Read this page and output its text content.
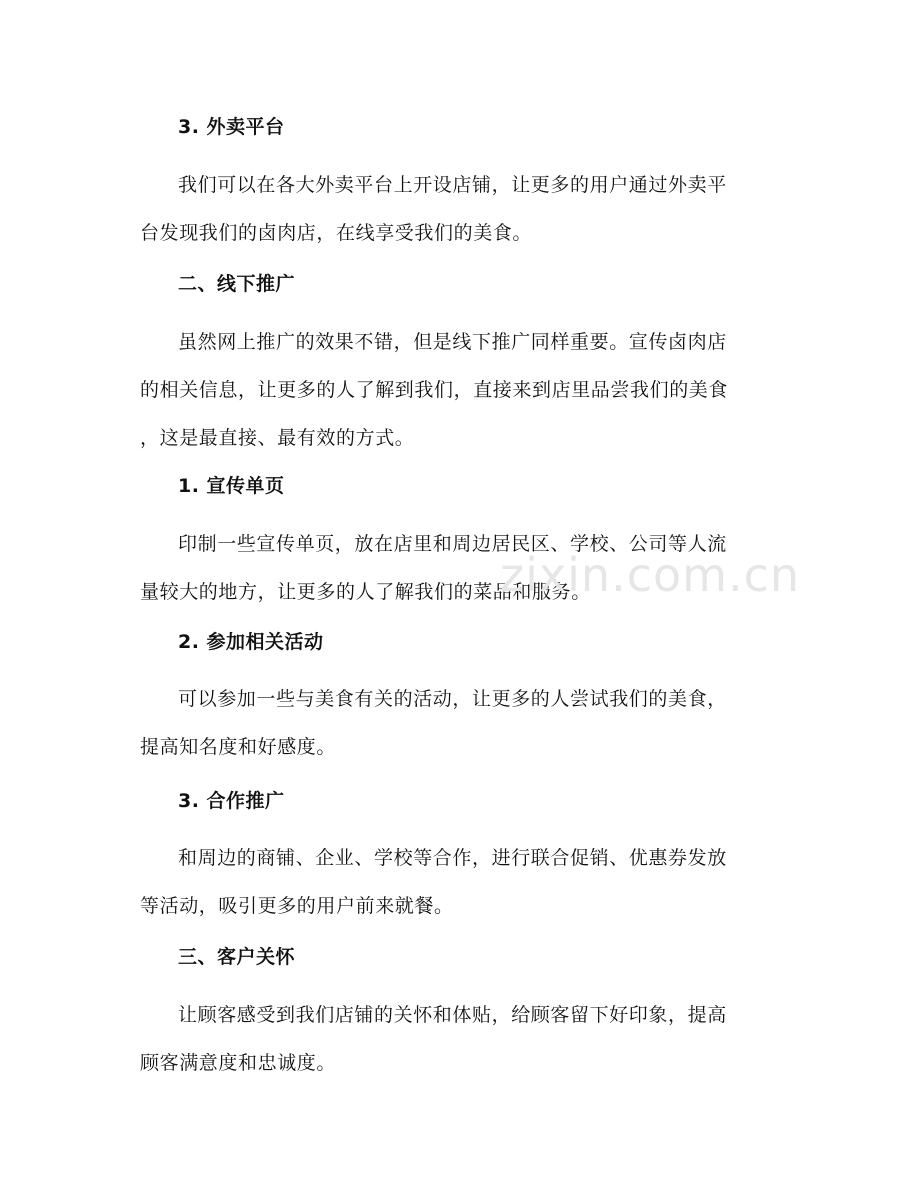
3. 外卖平台
我们可以在各大外卖平台上开设店铺，让更多的用户通过外卖平
台发现我们的卤肉店，在线享受我们的美食。
二、线下推广
虽然网上推广的效果不错，但是线下推广同样重要。宣传卤肉店
的相关信息，让更多的人了解到我们，直接来到店里品尝我们的美食
，这是最直接、最有效的方式。
1. 宣传单页
印制一些宣传单页，放在店里和周边居民区、学校、公司等人流
量较大的地方，让更多的人了解我们的菜品和服务。
2. 参加相关活动
可以参加一些与美食有关的活动，让更多的人尝试我们的美食，
提高知名度和好感度。
3. 合作推广
和周边的商铺、企业、学校等合作，进行联合促销、优惠券发放
等活动，吸引更多的用户前来就餐。
三、客户关怀
让顾客感受到我们店铺的关怀和体贴，给顾客留下好印象，提高
顾客满意度和忠诚度。
zixin.com.cn
